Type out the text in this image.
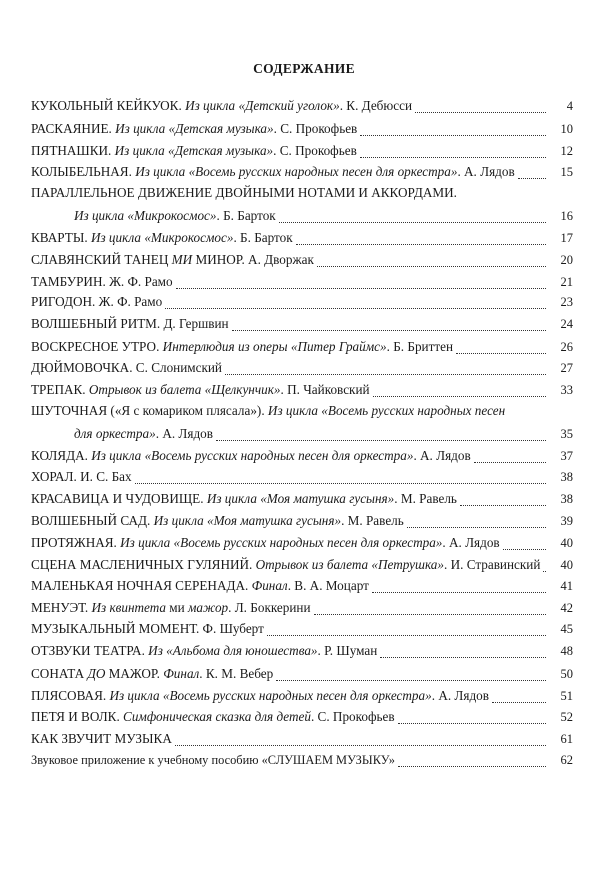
СОДЕРЖАНИЕ
КУКОЛЬНЫЙ КЕЙКУОК. Из цикла «Детский уголок». К. Дебюсси	4
РАСКАЯНИЕ. Из цикла «Детская музыка». С. Прокофьев	10
ПЯТНАШКИ. Из цикла «Детская музыка». С. Прокофьев	12
КОЛЫБЕЛЬНАЯ. Из цикла «Восемь русских народных песен для оркестра». А. Лядов	15
ПАРАЛЛЕЛЬНОЕ ДВИЖЕНИЕ ДВОЙНЫМИ НОТАМИ И АККОРДАМИ.
Из цикла «Микрокосмос». Б. Барток	16
КВАРТЫ. Из цикла «Микрокосмос». Б. Барток	17
СЛАВЯНСКИЙ ТАНЕЦ МИ МИНОР. А. Дворжак	20
ТАМБУРИН. Ж. Ф. Рамо	21
РИГОДОН. Ж. Ф. Рамо	23
ВОЛШЕБНЫЙ РИТМ. Д. Гершвин	24
ВОСКРЕСНОЕ УТРО. Интерлюдия из оперы «Питер Граймс». Б. Бриттен	26
ДЮЙМОВОЧКА. С. Слонимский	27
ТРЕПАК. Отрывок из балета «Щелкунчик». П. Чайковский	33
ШУТОЧНАЯ («Я с комариком плясала»). Из цикла «Восемь русских народных песен
для оркестра». А. Лядов	35
КОЛЯДА. Из цикла «Восемь русских народных песен для оркестра». А. Лядов	37
ХОРАЛ. И. С. Бах	38
КРАСАВИЦА И ЧУДОВИЩЕ. Из цикла «Моя матушка гусыня». М. Равель	38
ВОЛШЕБНЫЙ САД. Из цикла «Моя матушка гусыня». М. Равель	39
ПРОТЯЖНАЯ. Из цикла «Восемь русских народных песен для оркестра». А. Лядов	40
СЦЕНА МАСЛЕНИЧНЫХ ГУЛЯНИЙ. Отрывок из балета «Петрушка». И. Стравинский	40
МАЛЕНЬКАЯ НОЧНАЯ СЕРЕНАДА. Финал. В. А. Моцарт	41
МЕНУЭТ. Из квинтета ми мажор. Л. Боккерини	42
МУЗЫКАЛЬНЫЙ МОМЕНТ. Ф. Шуберт	45
ОТЗВУКИ ТЕАТРА. Из «Альбома для юношества». Р. Шуман	48
СОНАТА ДО МАЖОР. Финал. К. М. Вебер	50
ПЛЯСОВАЯ. Из цикла «Восемь русских народных песен для оркестра». А. Лядов	51
ПЕТЯ И ВОЛК. Симфоническая сказка для детей. С. Прокофьев	52
КАК ЗВУЧИТ МУЗЫКА	61
Звуковое приложение к учебному пособию «СЛУШАЕМ МУЗЫКУ»	62
